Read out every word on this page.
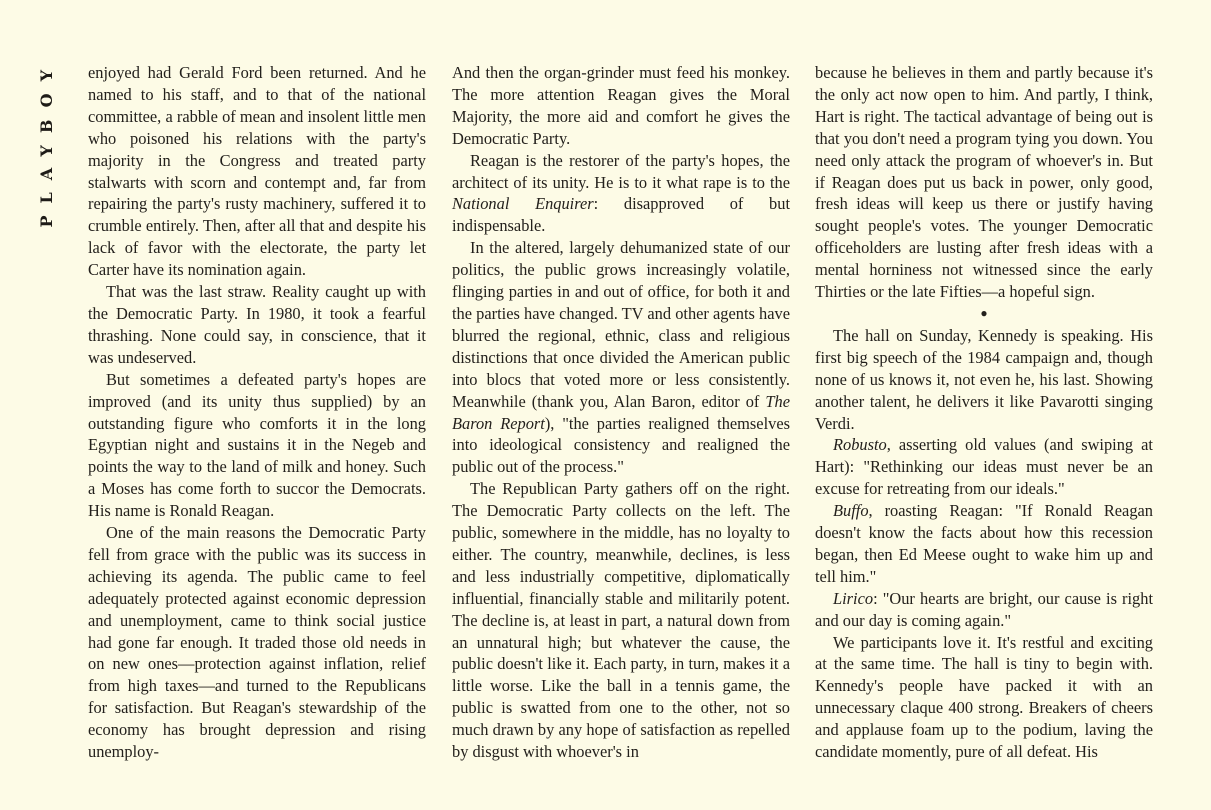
PLAYBOY enjoyed had Gerald Ford been returned. And he named to his staff, and to that of the national committee, a rabble of mean and insolent little men who poisoned his relations with the party's majority in the Congress and treated party stalwarts with scorn and contempt and, far from repairing the party's rusty machinery, suffered it to crumble entirely. Then, after all that and despite his lack of favor with the electorate, the party let Carter have its nomination again.

That was the last straw. Reality caught up with the Democratic Party. In 1980, it took a fearful thrashing. None could say, in conscience, that it was undeserved.

But sometimes a defeated party's hopes are improved (and its unity thus supplied) by an outstanding figure who comforts it in the long Egyptian night and sustains it in the Negeb and points the way to the land of milk and honey. Such a Moses has come forth to succor the Democrats. His name is Ronald Reagan.

One of the main reasons the Democratic Party fell from grace with the public was its success in achieving its agenda. The public came to feel adequately protected against economic depression and unemployment, came to think social justice had gone far enough. It traded those old needs in on new ones—protection against inflation, relief from high taxes—and turned to the Republicans for satisfaction. But Reagan's stewardship of the economy has brought depression and rising unemploy-

And then the organ-grinder must feed his monkey. The more attention Reagan gives the Moral Majority, the more aid and comfort he gives the Democratic Party.

Reagan is the restorer of the party's hopes, the architect of its unity. He is to it what rape is to the National Enquirer: disapproved of but indispensable.

In the altered, largely dehumanized state of our politics, the public grows increasingly volatile, flinging parties in and out of office, for both it and the parties have changed. TV and other agents have blurred the regional, ethnic, class and religious distinctions that once divided the American public into blocs that voted more or less consistently. Meanwhile (thank you, Alan Baron, editor of The Baron Report), "the parties realigned themselves into ideological consistency and realigned the public out of the process."

The Republican Party gathers off on the right. The Democratic Party collects on the left. The public, somewhere in the middle, has no loyalty to either. The country, meanwhile, declines, is less and less industrially competitive, diplomatically influential, financially stable and militarily potent. The decline is, at least in part, a natural down from an unnatural high; but whatever the cause, the public doesn't like it. Each party, in turn, makes it a little worse. Like the ball in a tennis game, the public is swatted from one to the other, not so much drawn by any hope of satisfaction as repelled by disgust with whoever's in

because he believes in them and partly because it's the only act now open to him. And partly, I think, Hart is right. The tactical advantage of being out is that you don't need a program tying you down. You need only attack the program of whoever's in. But if Reagan does put us back in power, only good, fresh ideas will keep us there or justify having sought people's votes. The younger Democratic officeholders are lusting after fresh ideas with a mental horniness not witnessed since the early Thirties or the late Fifties—a hopeful sign.

●

The hall on Sunday, Kennedy is speaking. His first big speech of the 1984 campaign and, though none of us knows it, not even he, his last. Showing another talent, he delivers it like Pavarotti singing Verdi.

Robusto, asserting old values (and swiping at Hart): "Rethinking our ideas must never be an excuse for retreating from our ideals."

Buffo, roasting Reagan: "If Ronald Reagan doesn't know the facts about how this recession began, then Ed Meese ought to wake him up and tell him."

Lirico: "Our hearts are bright, our cause is right and our day is coming again."

We participants love it. It's restful and exciting at the same time. The hall is tiny to begin with. Kennedy's people have packed it with an unnecessary claque 400 strong. Breakers of cheers and applause foam up to the podium, laving the candidate momently, pure of all defeat. His
